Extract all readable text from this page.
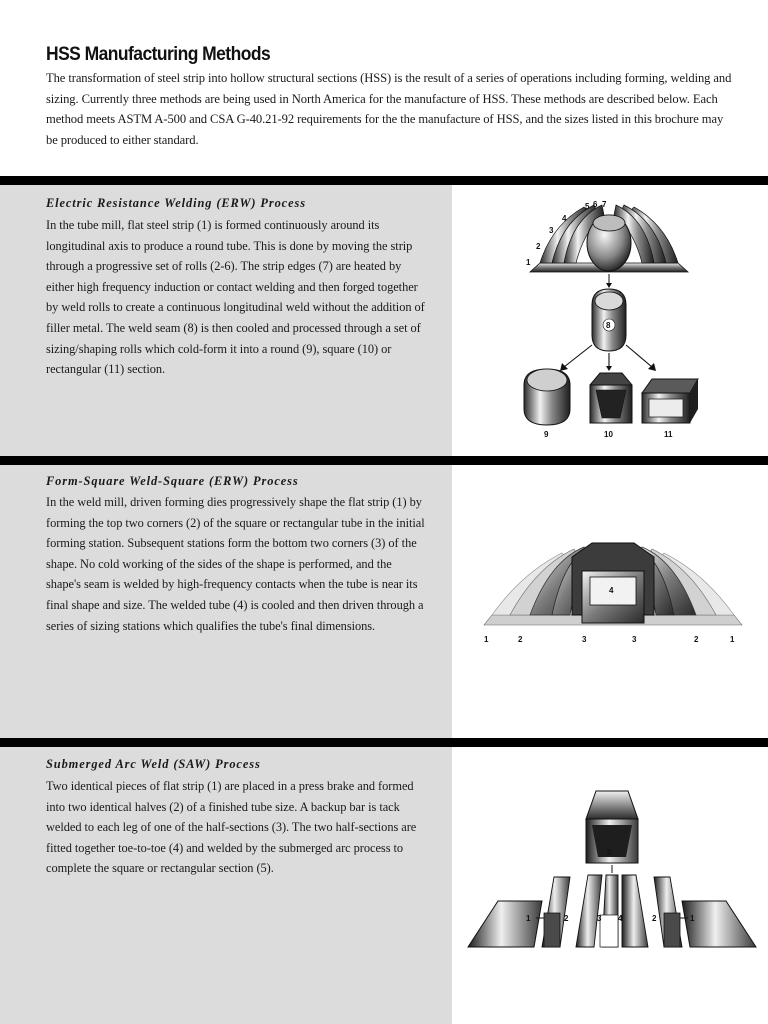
HSS Manufacturing Methods

The transformation of steel strip into hollow structural sections (HSS) is the result of a series of operations including forming, welding and sizing. Currently three methods are being used in North America for the manufacture of HSS. These methods are described below. Each method meets ASTM A-500 and CSA G-40.21-92 requirements for the the manufacture of HSS, and the sizes listed in this brochure may be produced to either standard.

Electric Resistance Welding (ERW) Process

In the tube mill, flat steel strip (1) is formed continuously around its longitudinal axis to produce a round tube. This is done by moving the strip through a progressive set of rolls (2-6). The strip edges (7) are heated by either high frequency induction or contact welding and then forged together by weld rolls to create a continuous longitudinal weld without the addition of filler metal. The weld seam (8) is then cooled and processed through a set of sizing/shaping rolls which cold-form it into a round (9), square (10) or rectangular (11) section.

1
2
3
4
5 6 7
8
9	10	11
Form-Square Weld-Square (ERW) Process

In the weld mill, driven forming dies progressively shape the flat strip (1) by forming the top two corners (2) of the square or rectangular tube in the initial forming station. Subsequent stations form the bottom two corners (3) of the shape. No cold working of the sides of the shape is performed, and the shape's seam is welded by high-frequency contacts when the tube is near its final shape and size. The welded tube (4) is cooled and then driven through a series of sizing stations which qualifies the tube's final dimensions.

4
1	2	3	3	2	1
Submerged Arc Weld (SAW) Process

Two identical pieces of flat strip (1) are placed in a press brake and formed into two identical halves (2) of a finished tube size. A backup bar is tack welded to each leg of one of the half-sections (3). The two half-sections are fitted together toe-to-toe (4) and welded by the submerged arc process to complete the square or rectangular section (5).

5
1	2	3 4	2	1
